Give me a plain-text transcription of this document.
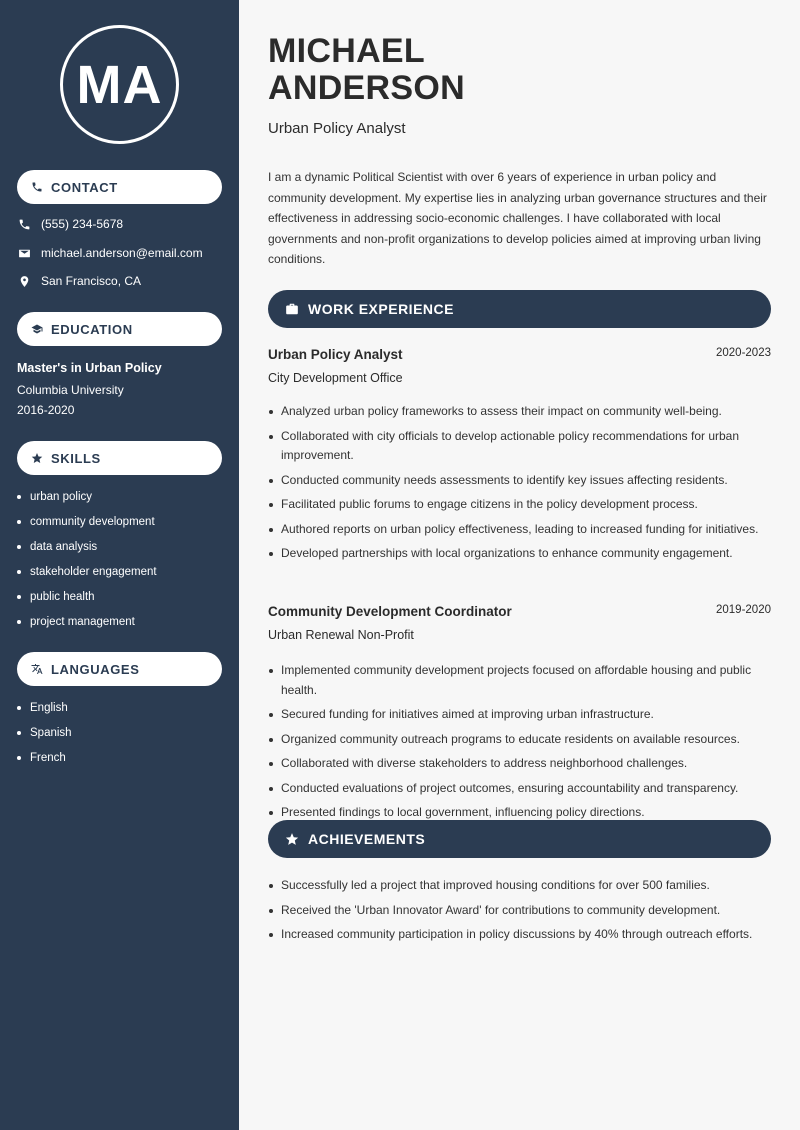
MA
CONTACT
(555) 234-5678
michael.anderson@email.com
San Francisco, CA
EDUCATION
Master's in Urban Policy
Columbia University
2016-2020
SKILLS
urban policy
community development
data analysis
stakeholder engagement
public health
project management
LANGUAGES
English
Spanish
French
MICHAEL
ANDERSON
Urban Policy Analyst
I am a dynamic Political Scientist with over 6 years of experience in urban policy and community development. My expertise lies in analyzing urban governance structures and their effectiveness in addressing socio-economic challenges. I have collaborated with local governments and non-profit organizations to develop policies aimed at improving urban living conditions.
WORK EXPERIENCE
Urban Policy Analyst	2020-2023
City Development Office
Analyzed urban policy frameworks to assess their impact on community well-being.
Collaborated with city officials to develop actionable policy recommendations for urban improvement.
Conducted community needs assessments to identify key issues affecting residents.
Facilitated public forums to engage citizens in the policy development process.
Authored reports on urban policy effectiveness, leading to increased funding for initiatives.
Developed partnerships with local organizations to enhance community engagement.
Community Development Coordinator	2019-2020
Urban Renewal Non-Profit
Implemented community development projects focused on affordable housing and public health.
Secured funding for initiatives aimed at improving urban infrastructure.
Organized community outreach programs to educate residents on available resources.
Collaborated with diverse stakeholders to address neighborhood challenges.
Conducted evaluations of project outcomes, ensuring accountability and transparency.
Presented findings to local government, influencing policy directions.
ACHIEVEMENTS
Successfully led a project that improved housing conditions for over 500 families.
Received the 'Urban Innovator Award' for contributions to community development.
Increased community participation in policy discussions by 40% through outreach efforts.
